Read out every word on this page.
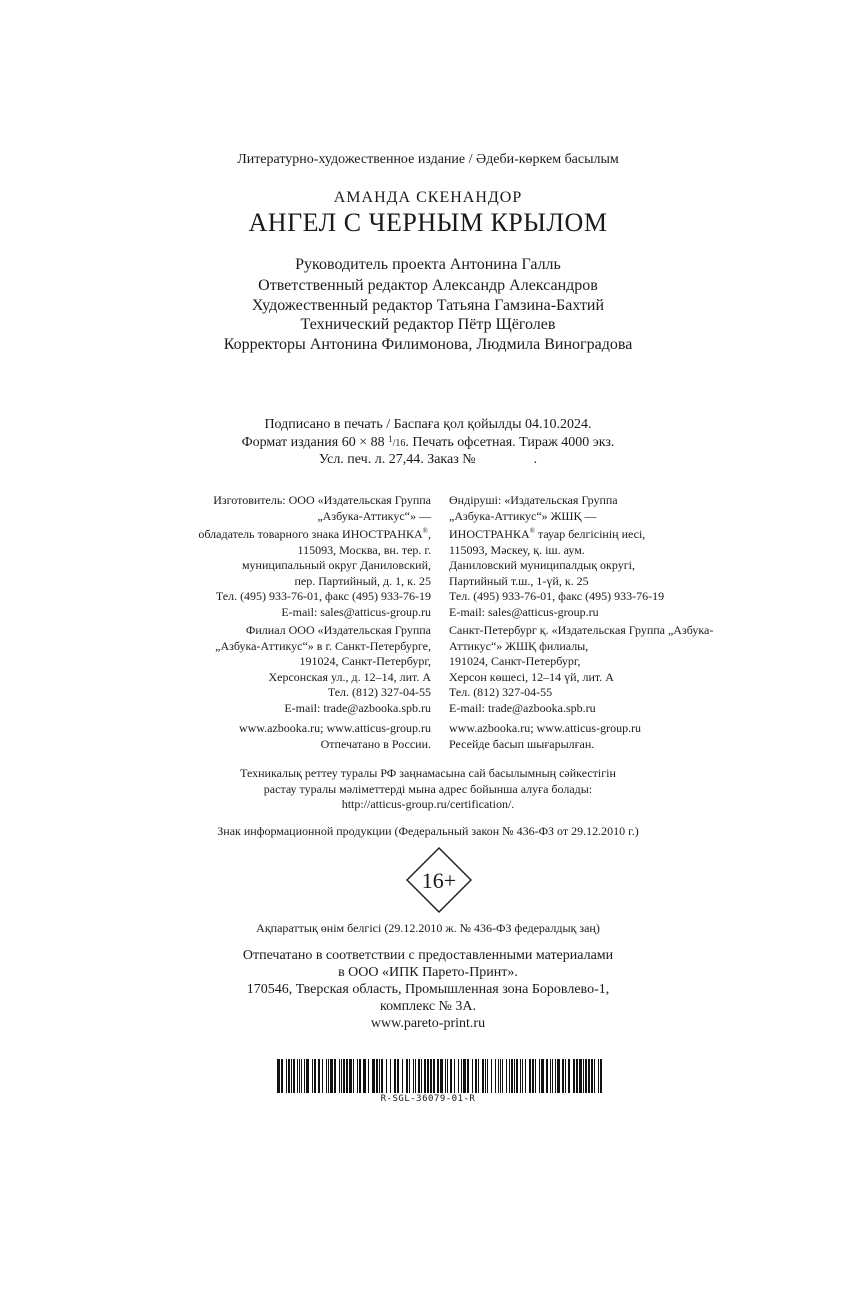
Литературно-художественное издание / Әдеби-көркем басылым
АМАНДА СКЕНАНДОР
АНГЕЛ С ЧЕРНЫМ КРЫЛОМ
Руководитель проекта Антонина Галль
Ответственный редактор Александр Александров
Художественный редактор Татьяна Гамзина-Бахтий
Технический редактор Пётр Щёголев
Корректоры Антонина Филимонова, Людмила Виноградова
Подписано в печать / Баспаға қол қойылды 04.10.2024.
Формат издания 60 × 88 $^1$/16. Печать офсетная. Тираж 4000 экз.
Усл. печ. л. 27,44. Заказ №	.
Изготовитель: ООО «Издательская Группа
„Азбука-Аттикус“» —
обладатель товарного знака ИНОСТРАНКА®,
115093, Москва, вн. тер. г.
муниципальный округ Даниловский,
пер. Партийный, д. 1, к. 25
Тел. (495) 933-76-01, факс (495) 933-76-19
E-mail: sales@atticus-group.ru
Өндіруші: «Издательская Группа
„Азбука-Аттикус“» ЖШҚ —
ИНОСТРАНКА® тауар белгісінің иесі,
115093, Мәскеу, қ. іш. аум.
Даниловский муниципалдық округі,
Партийный т.ш., 1-үй, к. 25
Тел. (495) 933-76-01, факс (495) 933-76-19
E-mail: sales@atticus-group.ru
Филиал ООО «Издательская Группа
„Азбука-Аттикус“» в г. Санкт-Петербурге,
191024, Санкт-Петербург,
Херсонская ул., д. 12–14, лит. А
Тел. (812) 327-04-55
E-mail: trade@azbooka.spb.ru
Санкт-Петербург қ. «Издательская Группа „Азбука-
Аттикус“» ЖШҚ филиалы,
191024, Санкт-Петербург,
Херсон көшесі, 12–14 үй, лит. А
Тел. (812) 327-04-55
E-mail: trade@azbooka.spb.ru
www.azbooka.ru; www.atticus-group.ru
Отпечатано в России.
www.azbooka.ru; www.atticus-group.ru
Ресейде басып шығарылған.
Техникалық реттеу туралы РФ заңнамасына сай басылымның сәйкестігін
растау туралы мәліметтерді мына адрес бойынша алуға болады:
http://atticus-group.ru/certification/.
Знак информационной продукции (Федеральный закон № 436-ФЗ от 29.12.2010 г.)
16+
Ақпараттық өнім белгісі (29.12.2010 ж. № 436-ФЗ федералдық заң)
Отпечатано в соответствии с предоставленными материалами
в ООО «ИПК Парето-Принт».
170546, Тверская область, Промышленная зона Боровлево-1,
комплекс № 3А.
www.pareto-print.ru
R-SGL-36079-01-R
